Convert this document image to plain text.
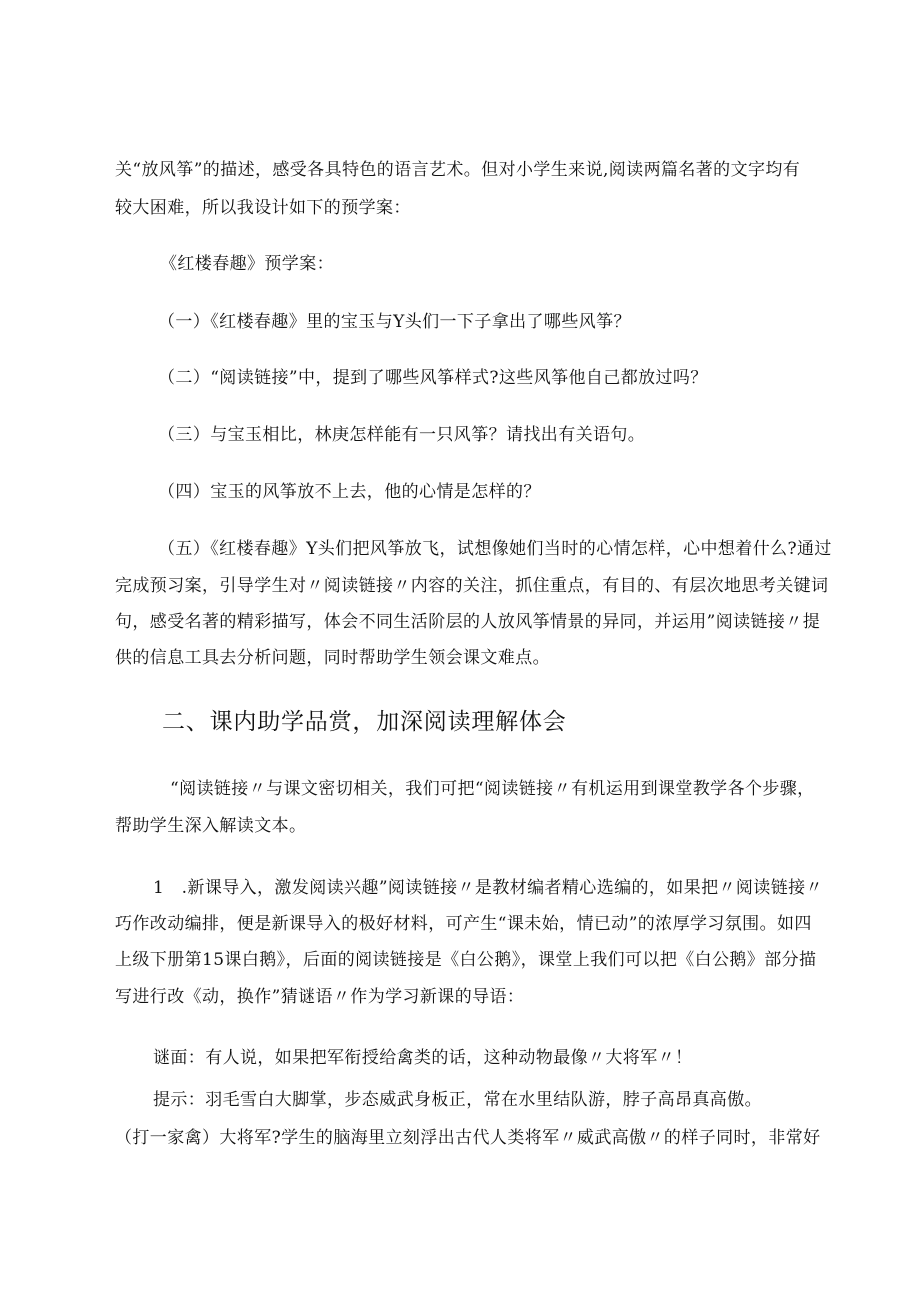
关“放风筝”的描述，感受各具特色的语言艺术。但对小学生来说,阅读两篇名著的文字均有
较大困难，所以我设计如下的预学案：
《红楼春趣》预学案：
（一）《红楼春趣》里的宝玉与Y头们一下子拿出了哪些风筝？
（二）“阅读链接”中，提到了哪些风筝样式?这些风筝他自己都放过吗？
（三）与宝玉相比，林庚怎样能有一只风筝？请找出有关语句。
（四）宝玉的风筝放不上去，他的心情是怎样的？
（五）《红楼春趣》Y头们把风筝放飞，试想像她们当时的心情怎样，心中想着什么?通过
完成预习案，引导学生对〃阅读链接〃内容的关注，抓住重点，有目的、有层次地思考关键词
句，感受名著的精彩描写，体会不同生活阶层的人放风筝情景的异同，并运用”阅读链接〃提
供的信息工具去分析问题，同时帮助学生领会课文难点。
二、课内助学品赏，加深阅读理解体会
“阅读链接〃与课文密切相关，我们可把“阅读链接〃有机运用到课堂教学各个步骤，
帮助学生深入解读文本。
1　.新课导入，激发阅读兴趣”阅读链接〃是教材编者精心选编的，如果把〃阅读链接〃
巧作改动编排，便是新课导入的极好材料，可产生“课未始，情已动”的浓厚学习氛围。如四
上级下册第15课白鹅》，后面的阅读链接是《白公鹅》，课堂上我们可以把《白公鹅》部分描
写进行改《动，换作”猜谜语〃作为学习新课的导语：
谜面：有人说，如果把军衔授给禽类的话，这种动物最像〃大将军〃！
提示：羽毛雪白大脚掌，步态威武身板正，常在水里结队游，脖子高昂真高傲。
（打一家禽）大将军?学生的脑海里立刻浮出古代人类将军〃威武高傲〃的样子同时，非常好
